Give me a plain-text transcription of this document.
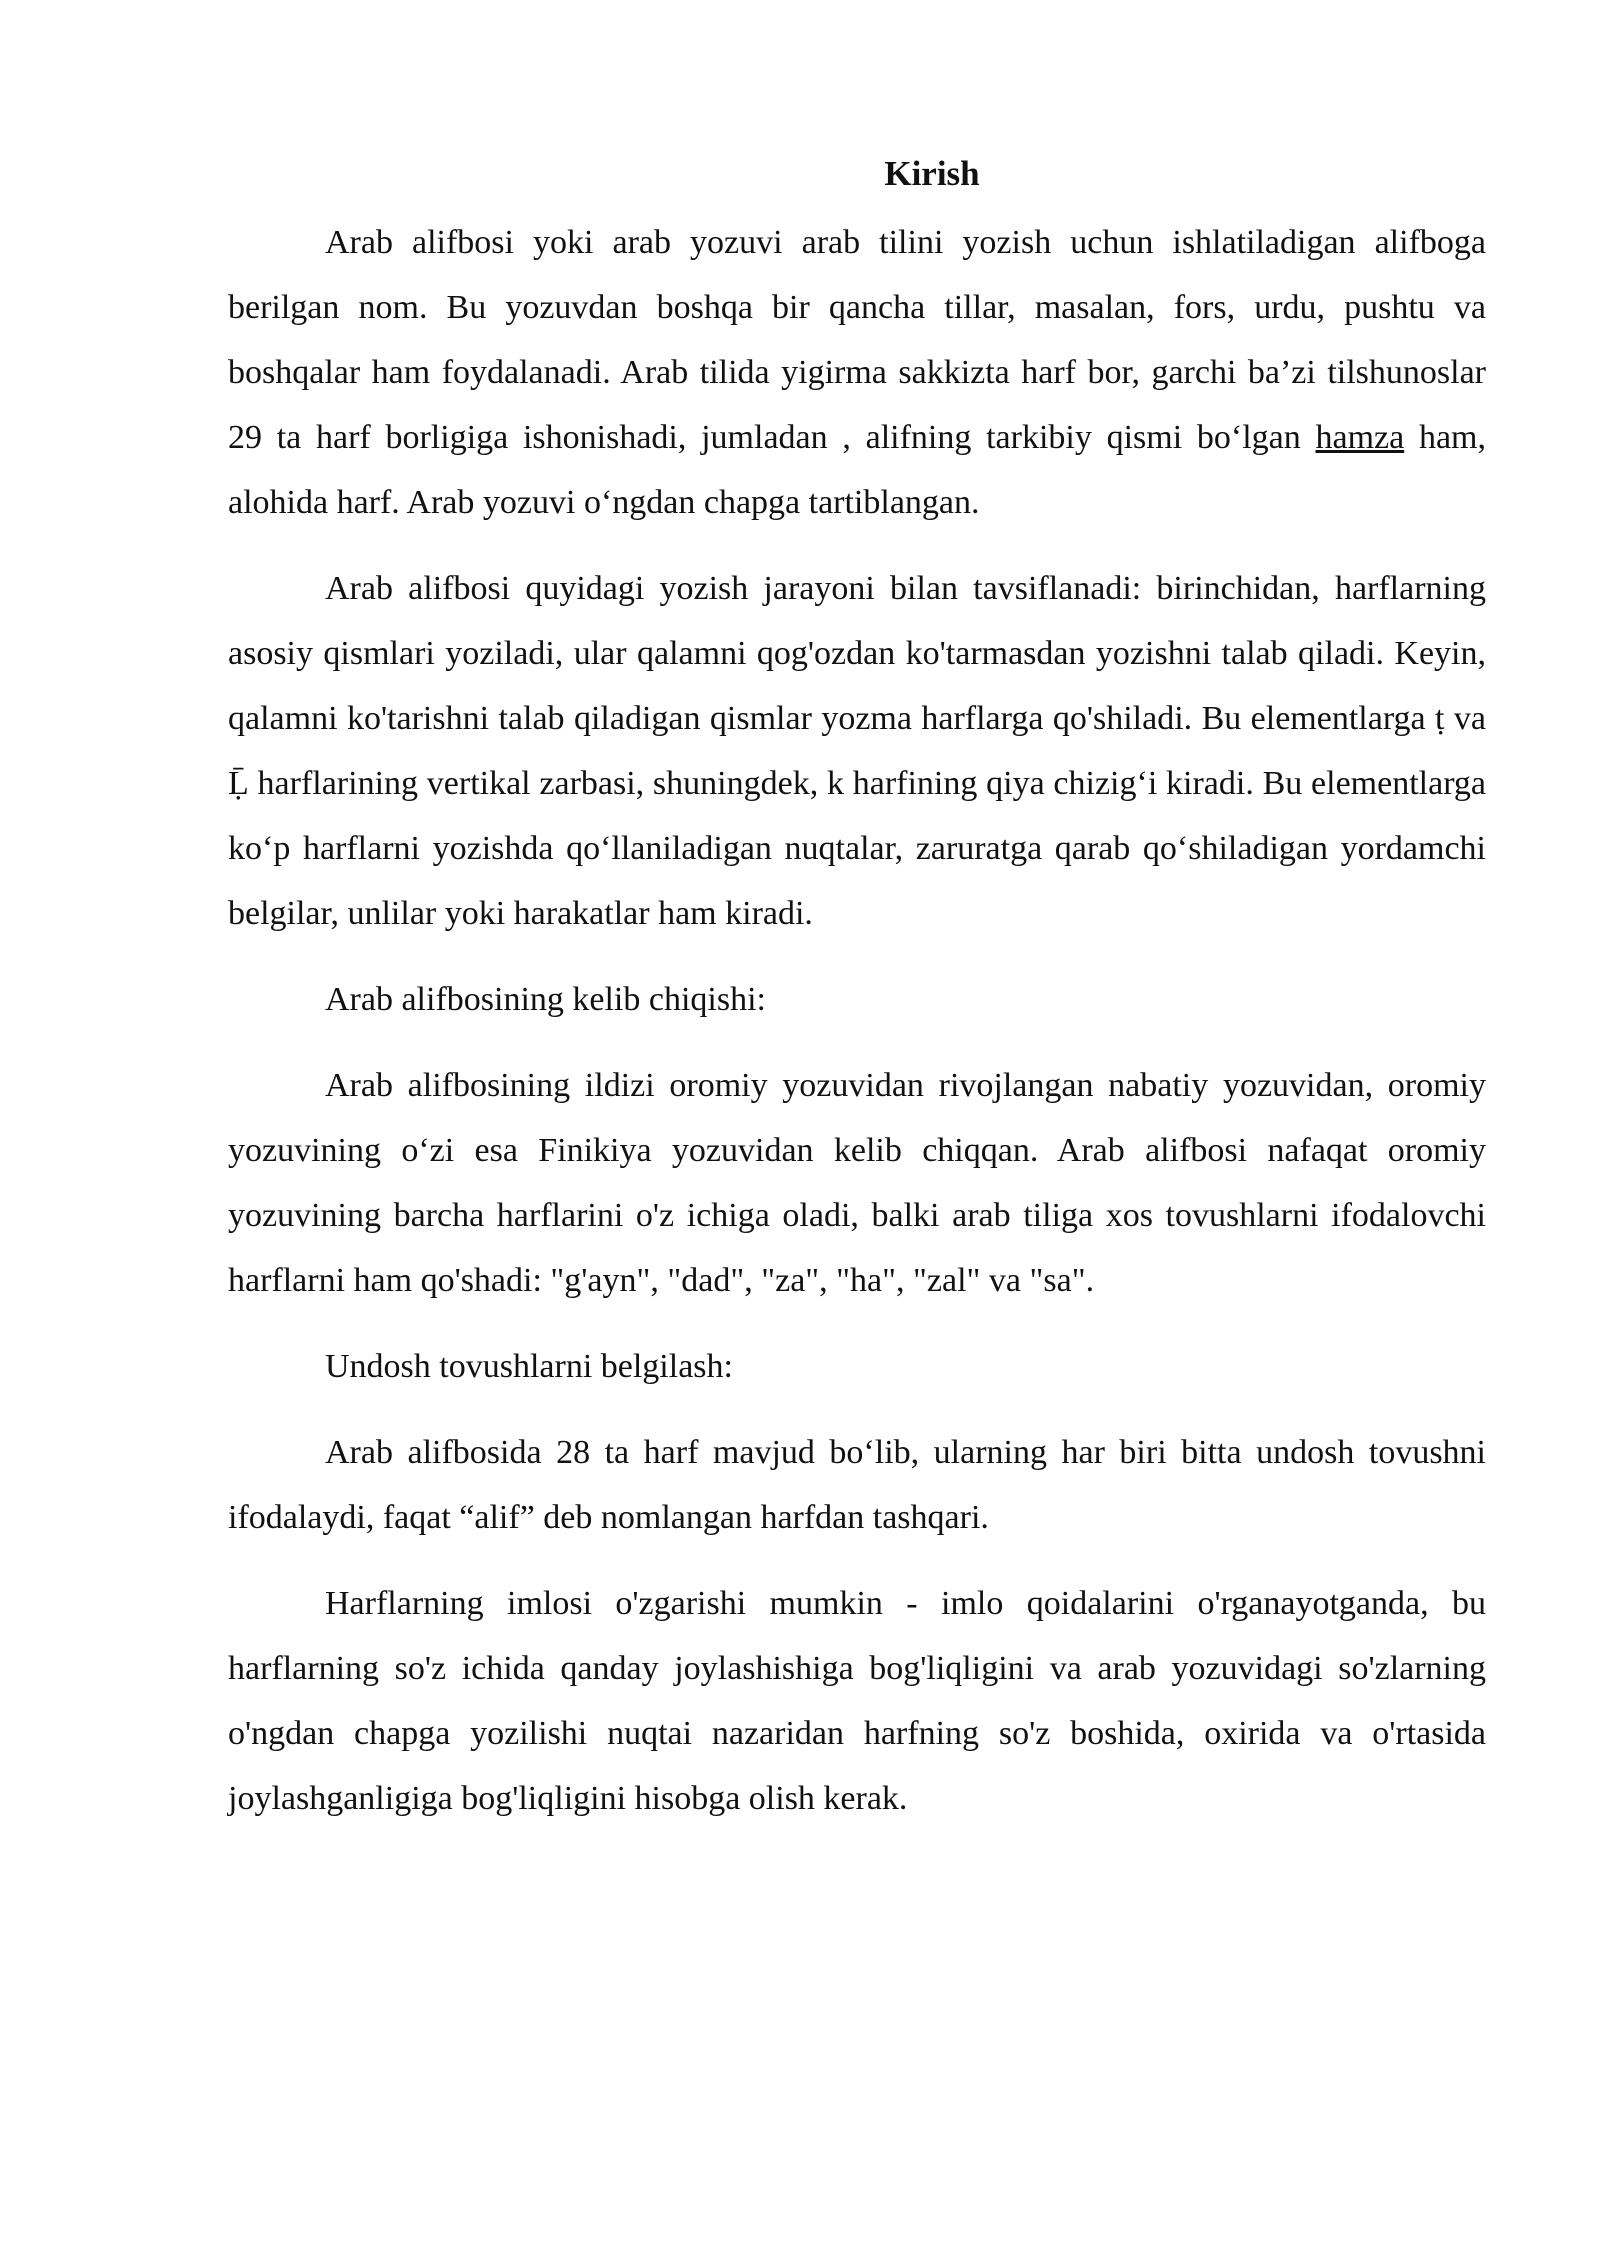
Kirish

Arab alifbosi yoki arab yozuvi arab tilini yozish uchun ishlatiladigan alifboga berilgan nom. Bu yozuvdan boshqa bir qancha tillar, masalan, fors, urdu, pushtu va boshqalar ham foydalanadi. Arab tilida yigirma sakkizta harf bor, garchi ba’zi tilshunoslar 29 ta harf borligiga ishonishadi, jumladan , alifning tarkibiy qismi boʻlgan hamza ham, alohida harf. Arab yozuvi oʻngdan chapga tartiblangan.

Arab alifbosi quyidagi yozish jarayoni bilan tavsiflanadi: birinchidan, harflarning asosiy qismlari yoziladi, ular qalamni qog'ozdan ko'tarmasdan yozishni talab qiladi. Keyin, qalamni ko'tarishni talab qiladigan qismlar yozma harflarga qo'shiladi. Bu elementlarga ṭ va Ḹ harflarining vertikal zarbasi, shuningdek, k harfining qiya chizigʻi kiradi. Bu elementlarga koʻp harflarni yozishda qoʻllaniladigan nuqtalar, zaruratga qarab qoʻshiladigan yordamchi belgilar, unlilar yoki harakatlar ham kiradi.

Arab alifbosining kelib chiqishi:

Arab alifbosining ildizi oromiy yozuvidan rivojlangan nabatiy yozuvidan, oromiy yozuvining oʻzi esa Finikiya yozuvidan kelib chiqqan. Arab alifbosi nafaqat oromiy yozuvining barcha harflarini o'z ichiga oladi, balki arab tiliga xos tovushlarni ifodalovchi harflarni ham qo'shadi: "g'ayn", "dad", "za", "ha", "zal" va "sa".

Undosh tovushlarni belgilash:

Arab alifbosida 28 ta harf mavjud boʻlib, ularning har biri bitta undosh tovushni ifodalaydi, faqat “alif” deb nomlangan harfdan tashqari.

Harflarning imlosi o'zgarishi mumkin - imlo qoidalarini o'rganayotganda, bu harflarning so'z ichida qanday joylashishiga bog'liqligini va arab yozuvidagi so'zlarning o'ngdan chapga yozilishi nuqtai nazaridan harfning so'z boshida, oxirida va o'rtasida joylashganligiga bog'liqligini hisobga olish kerak.
